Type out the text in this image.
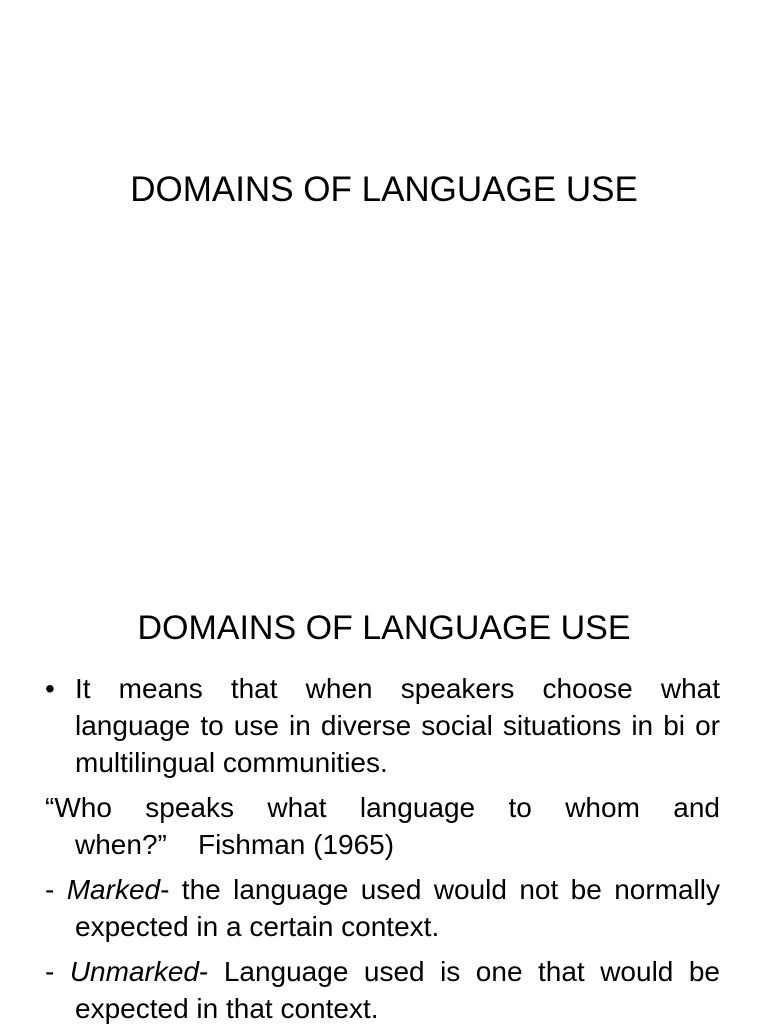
DOMAINS OF LANGUAGE USE
DOMAINS OF LANGUAGE USE

• It means that when speakers choose what language to use in diverse social situations in bi or multilingual communities.

“Who speaks what language to whom and when?” Fishman (1965)

- Marked- the language used would not be normally expected in a certain context.

- Unmarked- Language used is one that would be expected in that context.
